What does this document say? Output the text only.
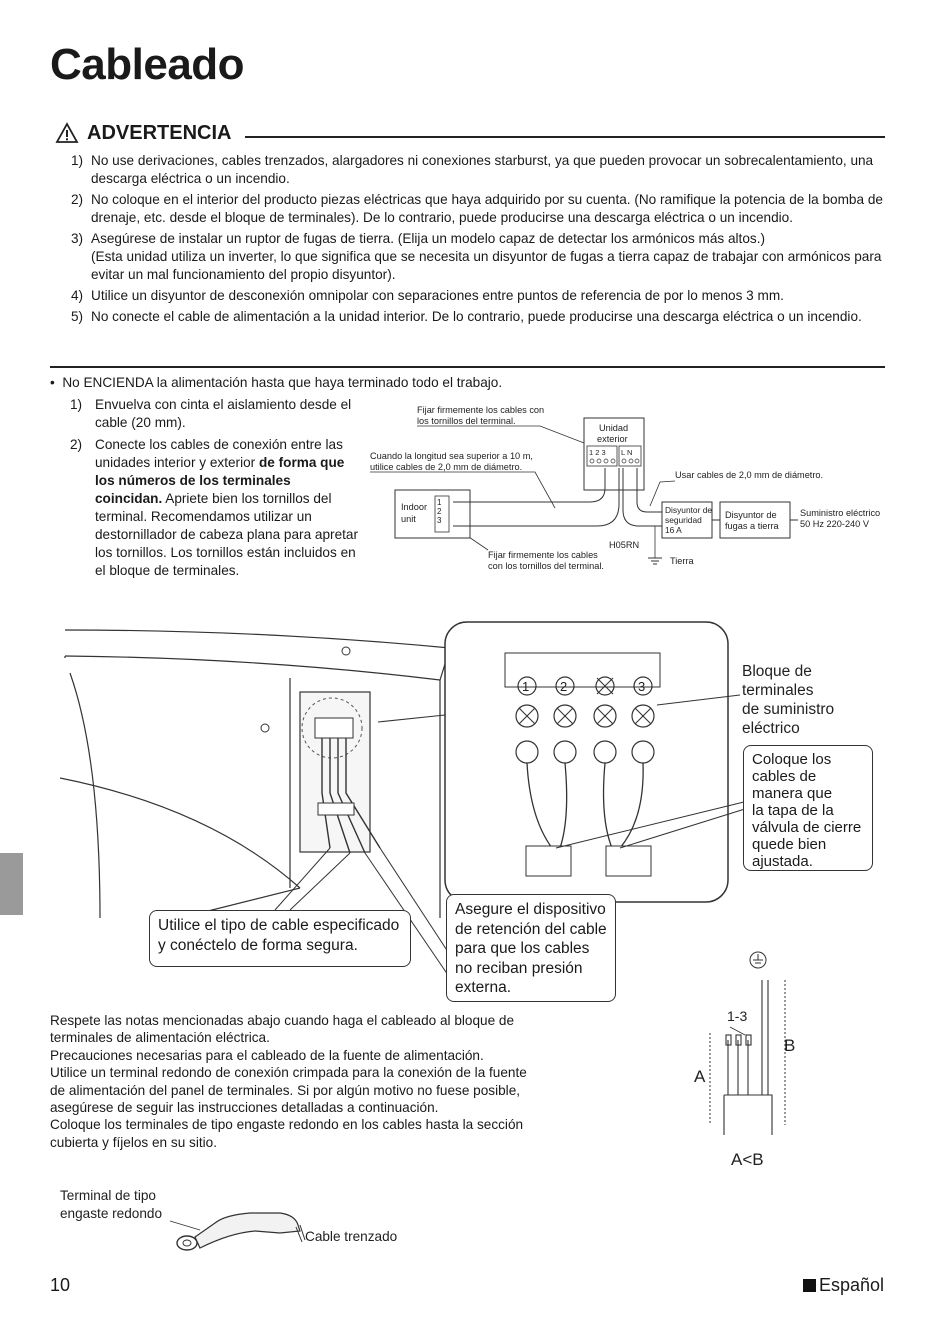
Cableado
ADVERTENCIA
1) No use derivaciones, cables trenzados, alargadores ni conexiones starburst, ya que pueden provocar un sobrecalentamiento, una descarga eléctrica o un incendio.
2) No coloque en el interior del producto piezas eléctricas que haya adquirido por su cuenta. (No ramifique la potencia de la bomba de drenaje, etc. desde el bloque de terminales). De lo contrario, puede producirse una descarga eléctrica o un incendio.
3) Asegúrese de instalar un ruptor de fugas de tierra. (Elija un modelo capaz de detectar los armónicos más altos.)
(Esta unidad utiliza un inverter, lo que significa que se necesita un disyuntor de fugas a tierra capaz de trabajar con armónicos para evitar un mal funcionamiento del propio disyuntor).
4) Utilice un disyuntor de desconexión omnipolar con separaciones entre puntos de referencia de por lo menos 3 mm.
5) No conecte el cable de alimentación a la unidad interior. De lo contrario, puede producirse una descarga eléctrica o un incendio.
•  No ENCIENDA la alimentación hasta que haya terminado todo el trabajo.
1) Envuelva con cinta el aislamiento desde el cable (20 mm).
2) Conecte los cables de conexión entre las unidades interior y exterior de forma que los números de los terminales coincidan. Apriete bien los tornillos del terminal. Recomendamos utilizar un destornillador de cabeza plana para apretar los tornillos. Los tornillos están incluidos en el bloque de terminales.
Fijar firmemente los cables con
los tornillos del terminal.
Cuando la longitud sea superior a 10 m,
utilice cables de 2,0 mm de diámetro.
Usar cables de 2,0 mm de diámetro.
Suministro eléctrico
50 Hz 220-240 V
H05RN
Fijar firmemente los cables
con los tornillos del terminal.	Tierra
Unidad
exterior
1 2 3 L N
Indoor
unit
1
2
3
Disyuntor de
seguridad
16 A
Disyuntor de
fugas a tierra
1 2	3
Bloque de
terminales
de suministro
eléctrico
Coloque los
cables de
manera que
la tapa de la
válvula de cierre
quede bien
ajustada.
Utilice el tipo de cable especificado
y conéctelo de forma segura.
Asegure el dispositivo
de retención del cable
para que los cables
no reciban presión
externa.

Respete las notas mencionadas abajo cuando haga el cableado al bloque de terminales de alimentación eléctrica.

Precauciones necesarias para el cableado de la fuente de alimentación.

Utilice un terminal redondo de conexión crimpada para la conexión de la fuente de alimentación del panel de terminales. Si por algún motivo no fuese posible, asegúrese de seguir las instrucciones detalladas a continuación.

Coloque los terminales de tipo engaste redondo en los cables hasta la sección cubierta y fíjelos en su sitio.

1-3
A
B
A<B
Terminal de tipo
engaste redondo
Cable trenzado
10	Español
